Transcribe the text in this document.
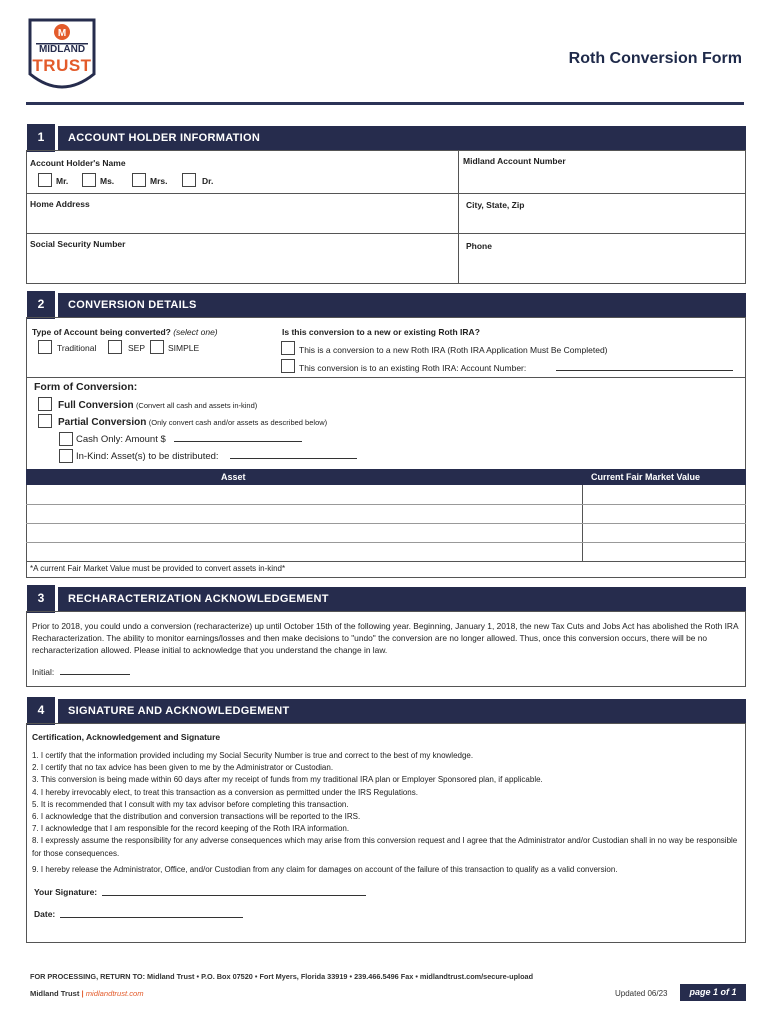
M
MIDLAND
TRUST	Roth Conversion Form
1	ACCOUNT HOLDER INFORMATION
Account Holder's Name	Midland Account Number
Mr.	Ms.	Mrs.	Dr.
Home Address	City, State, Zip
Social Security Number	Phone
2	CONVERSION DETAILS
Type of Account being converted? (select one)	Is this conversion to a new or existing Roth IRA?
Traditional	SEP	SIMPLE	This is a conversion to a new Roth IRA (Roth IRA Application Must Be Completed)
This conversion is to an existing Roth IRA: Account Number:
Form of Conversion:
Full Conversion (Convert all cash and assets in-kind)
Partial Conversion (Only convert cash and/or assets as described below)
Cash Only: Amount $
In-Kind: Asset(s) to be distributed:
Asset	Current Fair Market Value
*A current Fair Market Value must be provided to convert assets in-kind*
3	RECHARACTERIZATION ACKNOWLEDGEMENT
Prior to 2018, you could undo a conversion (recharacterize) up until October 15th of the following year. Beginning, January 1, 2018, the new Tax Cuts and Jobs Act has abolished the Roth IRA Recharacterization. The ability to monitor earnings/losses and then make decisions to "undo" the conversion are no longer allowed. Thus, once this conversion occurs, there will be no recharacterization allowed. Please initial to acknowledge that you understand the change in law.
Initial:
4	SIGNATURE AND ACKNOWLEDGEMENT
Certification, Acknowledgement and Signature
1. I certify that the information provided including my Social Security Number is true and correct to the best of my knowledge.
2. I certify that no tax advice has been given to me by the Administrator or Custodian.
3. This conversion is being made within 60 days after my receipt of funds from my traditional IRA plan or Employer Sponsored plan, if applicable.
4. I hereby irrevocably elect, to treat this transaction as a conversion as permitted under the IRS Regulations.
5. It is recommended that I consult with my tax advisor before completing this transaction.
6. I acknowledge that the distribution and conversion transactions will be reported to the IRS.
7. I acknowledge that I am responsible for the record keeping of the Roth IRA information.
8. I expressly assume the responsibility for any adverse consequences which may arise from this conversion request and I agree that the Administrator and/or Custodian shall in no way be responsible for those consequences.
9. I hereby release the Administrator, Office, and/or Custodian from any claim for damages on account of the failure of this transaction to qualify as a valid conversion.
Your Signature:
Date:
FOR PROCESSING, RETURN TO: Midland Trust • P.O. Box 07520 • Fort Myers, Florida 33919 • 239.466.5496 Fax • midlandtrust.com/secure-upload
Midland Trust | midlandtrust.com	Updated 06/23	page 1 of 1
